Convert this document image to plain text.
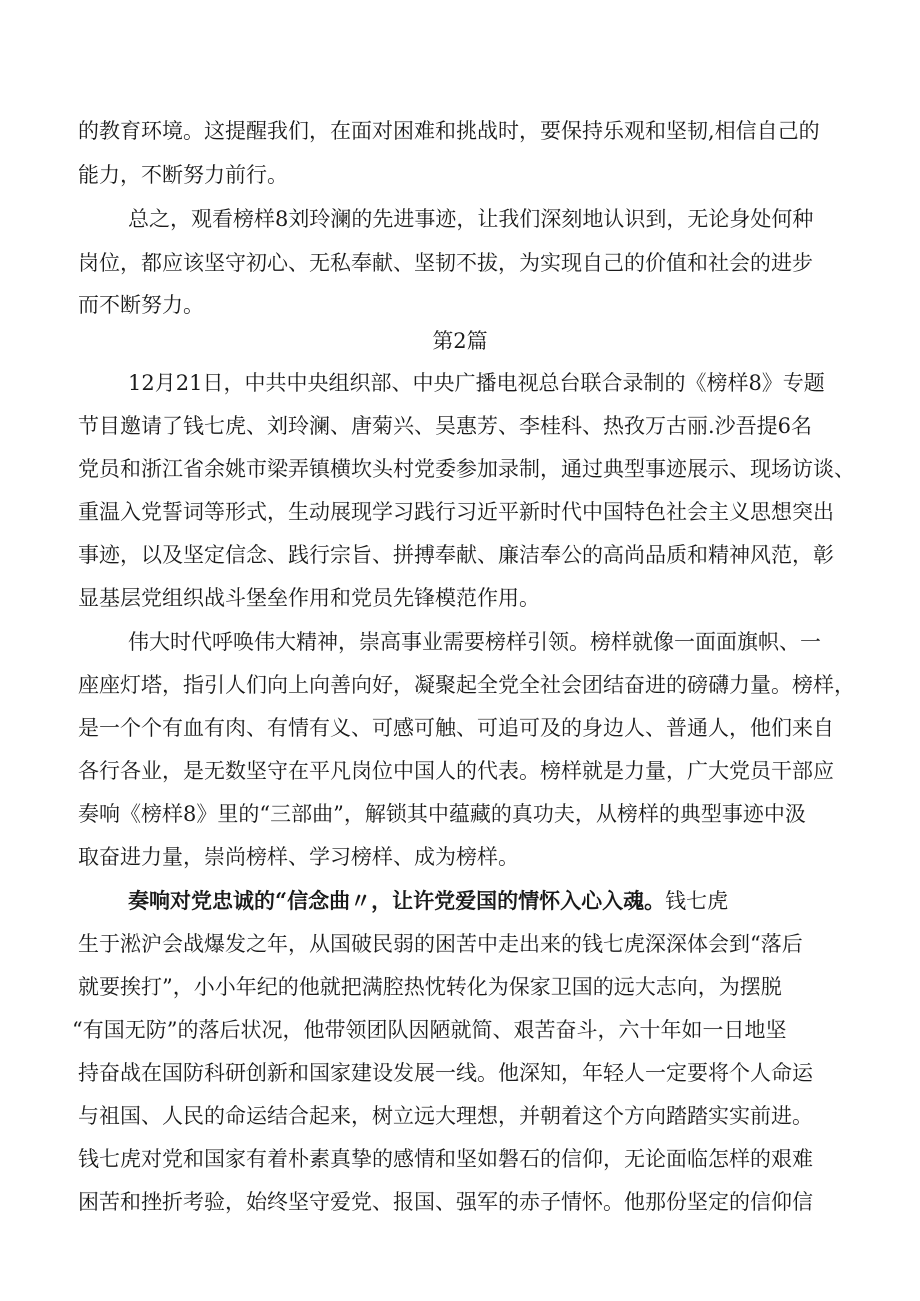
的教育环境。这提醒我们，在面对困难和挑战时，要保持乐观和坚韧,相信自己的
能力，不断努力前行。
总之，观看榜样8刘玲澜的先进事迹，让我们深刻地认识到，无论身处何种
岗位，都应该坚守初心、无私奉献、坚韧不拔，为实现自己的价值和社会的进步
而不断努力。
第2篇
12月21日，中共中央组织部、中央广播电视总台联合录制的《榜样8》专题
节目邀请了钱七虎、刘玲澜、唐菊兴、吴惠芳、李桂科、热孜万古丽.沙吾提6名
党员和浙江省余姚市梁弄镇横坎头村党委参加录制，通过典型事迹展示、现场访谈、
重温入党誓词等形式，生动展现学习践行习近平新时代中国特色社会主义思想突出
事迹，以及坚定信念、践行宗旨、拼搏奉献、廉洁奉公的高尚品质和精神风范，彰
显基层党组织战斗堡垒作用和党员先锋模范作用。
伟大时代呼唤伟大精神，崇高事业需要榜样引领。榜样就像一面面旗帜、一
座座灯塔，指引人们向上向善向好，凝聚起全党全社会团结奋进的磅礴力量。榜样，
是一个个有血有肉、有情有义、可感可触、可追可及的身边人、普通人，他们来自
各行各业，是无数坚守在平凡岗位中国人的代表。榜样就是力量，广大党员干部应
奏响《榜样8》里的“三部曲”，解锁其中蕴藏的真功夫，从榜样的典型事迹中汲
取奋进力量，崇尚榜样、学习榜样、成为榜样。
奏响对党忠诚的“信念曲〃，让许党爱国的情怀入心入魂。钱七虎
生于淞沪会战爆发之年，从国破民弱的困苦中走出来的钱七虎深深体会到“落后
就要挨打”，小小年纪的他就把满腔热忱转化为保家卫国的远大志向，为摆脱
“有国无防”的落后状况，他带领团队因陋就简、艰苦奋斗，六十年如一日地坚
持奋战在国防科研创新和国家建设发展一线。他深知，年轻人一定要将个人命运
与祖国、人民的命运结合起来，树立远大理想，并朝着这个方向踏踏实实前进。
钱七虎对党和国家有着朴素真挚的感情和坚如磐石的信仰，无论面临怎样的艰难
困苦和挫折考验，始终坚守爱党、报国、强军的赤子情怀。他那份坚定的信仰信
